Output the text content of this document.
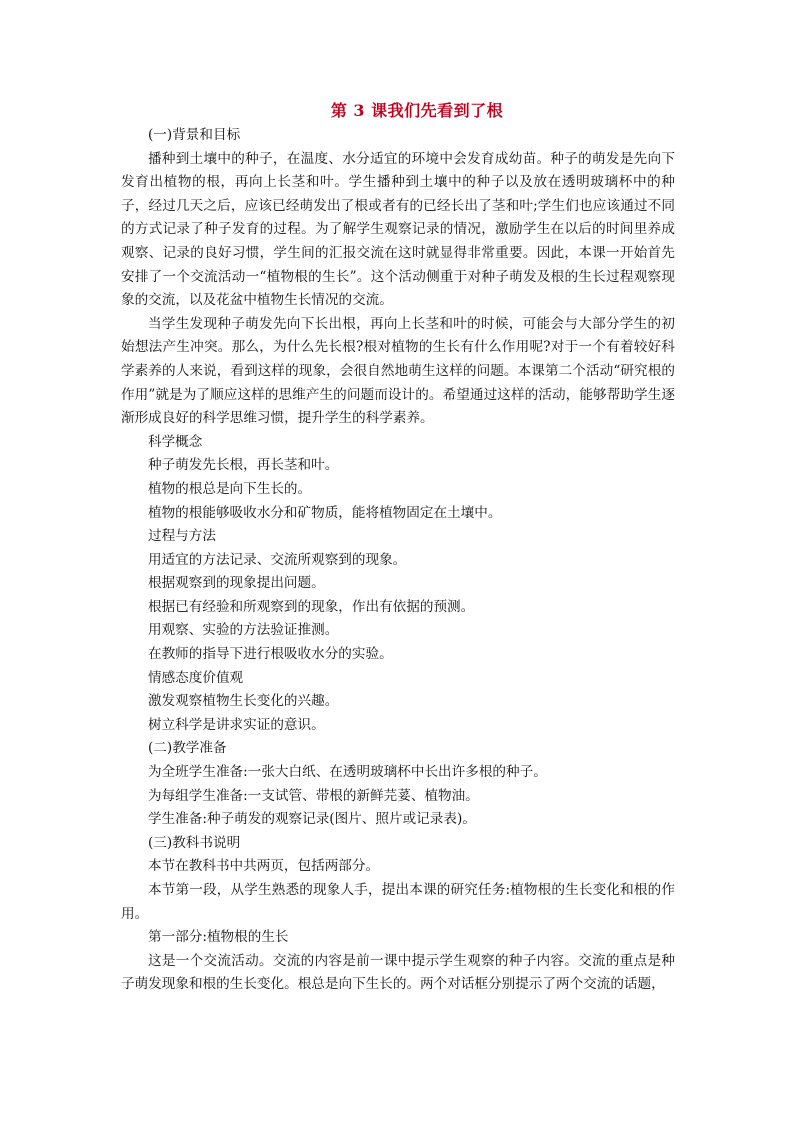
第 3 课我们先看到了根

(一)背景和目标

播种到土壤中的种子，在温度、水分适宜的环境中会发育成幼苗。种子的萌发是先向下发育出植物的根，再向上长茎和叶。学生播种到土壤中的种子以及放在透明玻璃杯中的种子，经过几天之后，应该已经萌发出了根或者有的已经长出了茎和叶;学生们也应该通过不同的方式记录了种子发育的过程。为了解学生观察记录的情况，激励学生在以后的时间里养成观察、记录的良好习惯，学生间的汇报交流在这时就显得非常重要。因此，本课一开始首先安排了一个交流活动一“植物根的生长”。这个活动侧重于对种子萌发及根的生长过程观察现象的交流，以及花盆中植物生长情况的交流。

当学生发现种子萌发先向下长出根，再向上长茎和叶的时候，可能会与大部分学生的初始想法产生冲突。那么，为什么先长根?根对植物的生长有什么作用呢?对于一个有着较好科学素养的人来说，看到这样的现象，会很自然地萌生这样的问题。本课第二个活动“研究根的作用”就是为了顺应这样的思维产生的问题而设计的。希望通过这样的活动，能够帮助学生逐渐形成良好的科学思维习惯，提升学生的科学素养。

科学概念

种子萌发先长根，再长茎和叶。

植物的根总是向下生长的。

植物的根能够吸收水分和矿物质，能将植物固定在土壤中。

过程与方法

用适宜的方法记录、交流所观察到的现象。

根据观察到的现象提出问题。

根据已有经验和所观察到的现象，作出有依据的预测。

用观察、实验的方法验证推测。

在教师的指导下进行根吸收水分的实验。

情感态度价值观

激发观察植物生长变化的兴趣。

树立科学是讲求实证的意识。

(二)教学准备

为全班学生准备:一张大白纸、在透明玻璃杯中长出许多根的种子。

为每组学生准备:一支试管、带根的新鲜芫荽、植物油。

学生准备:种子萌发的观察记录(图片、照片或记录表)。

(三)教科书说明

本节在教科书中共两页，包括两部分。

本节第一段，从学生熟悉的现象人手，提出本课的研究任务:植物根的生长变化和根的作用。

第一部分:植物根的生长

这是一个交流活动。交流的内容是前一课中提示学生观察的种子内容。交流的重点是种子萌发现象和根的生长变化。根总是向下生长的。两个对话框分别提示了两个交流的话题，
